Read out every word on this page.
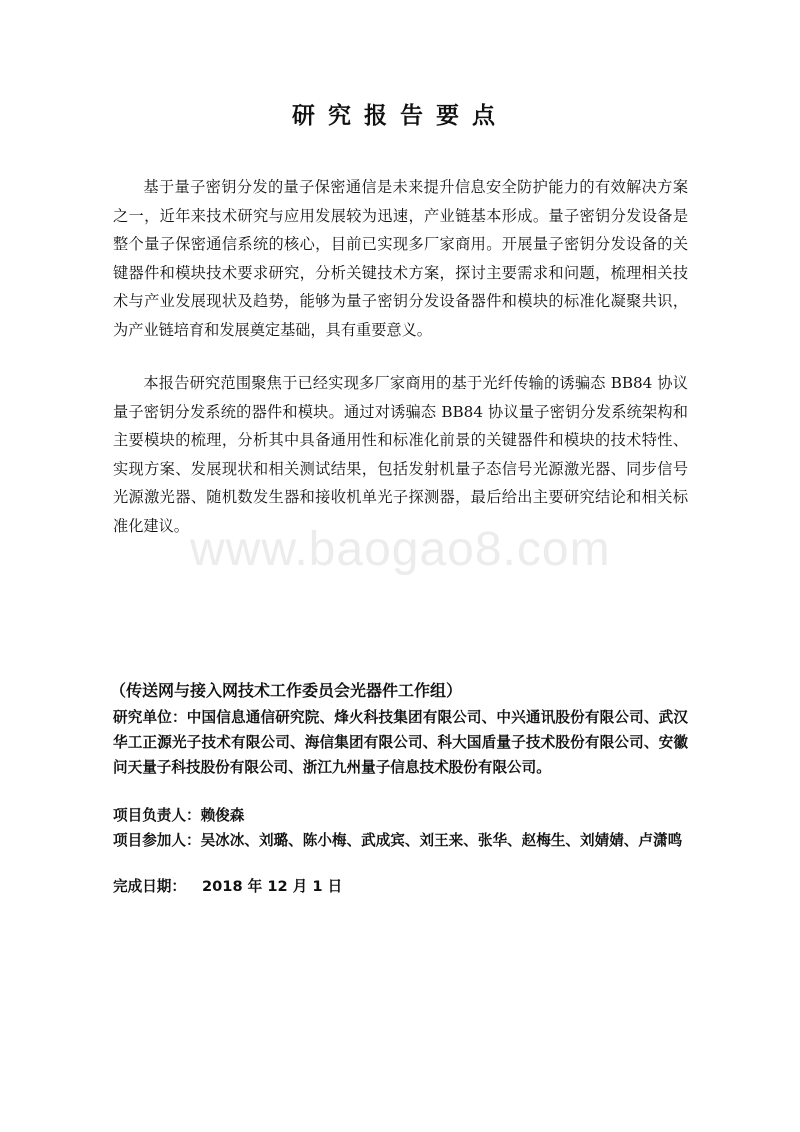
研究报告要点

基于量子密钥分发的量子保密通信是未来提升信息安全防护能力的有效解决方案之一，近年来技术研究与应用发展较为迅速，产业链基本形成。量子密钥分发设备是整个量子保密通信系统的核心，目前已实现多厂家商用。开展量子密钥分发设备的关键器件和模块技术要求研究，分析关键技术方案，探讨主要需求和问题，梳理相关技术与产业发展现状及趋势，能够为量子密钥分发设备器件和模块的标准化凝聚共识，为产业链培育和发展奠定基础，具有重要意义。

本报告研究范围聚焦于已经实现多厂家商用的基于光纤传输的诱骗态 BB84 协议量子密钥分发系统的器件和模块。通过对诱骗态 BB84 协议量子密钥分发系统架构和主要模块的梳理，分析其中具备通用性和标准化前景的关键器件和模块的技术特性、实现方案、发展现状和相关测试结果，包括发射机量子态信号光源激光器、同步信号光源激光器、随机数发生器和接收机单光子探测器，最后给出主要研究结论和相关标准化建议。 www.baogao8.com
（传送网与接入网技术工作委员会光器件工作组）
研究单位：中国信息通信研究院、烽火科技集团有限公司、中兴通讯股份有限公司、武汉华工正源光子技术有限公司、海信集团有限公司、科大国盾量子技术股份有限公司、安徽问天量子科技股份有限公司、浙江九州量子信息技术股份有限公司。
项目负责人：赖俊森
项目参加人：吴冰冰、刘璐、陈小梅、武成宾、刘王来、张华、赵梅生、刘婧婧、卢潇鸣
完成日期： 2018 年 12 月 1 日
